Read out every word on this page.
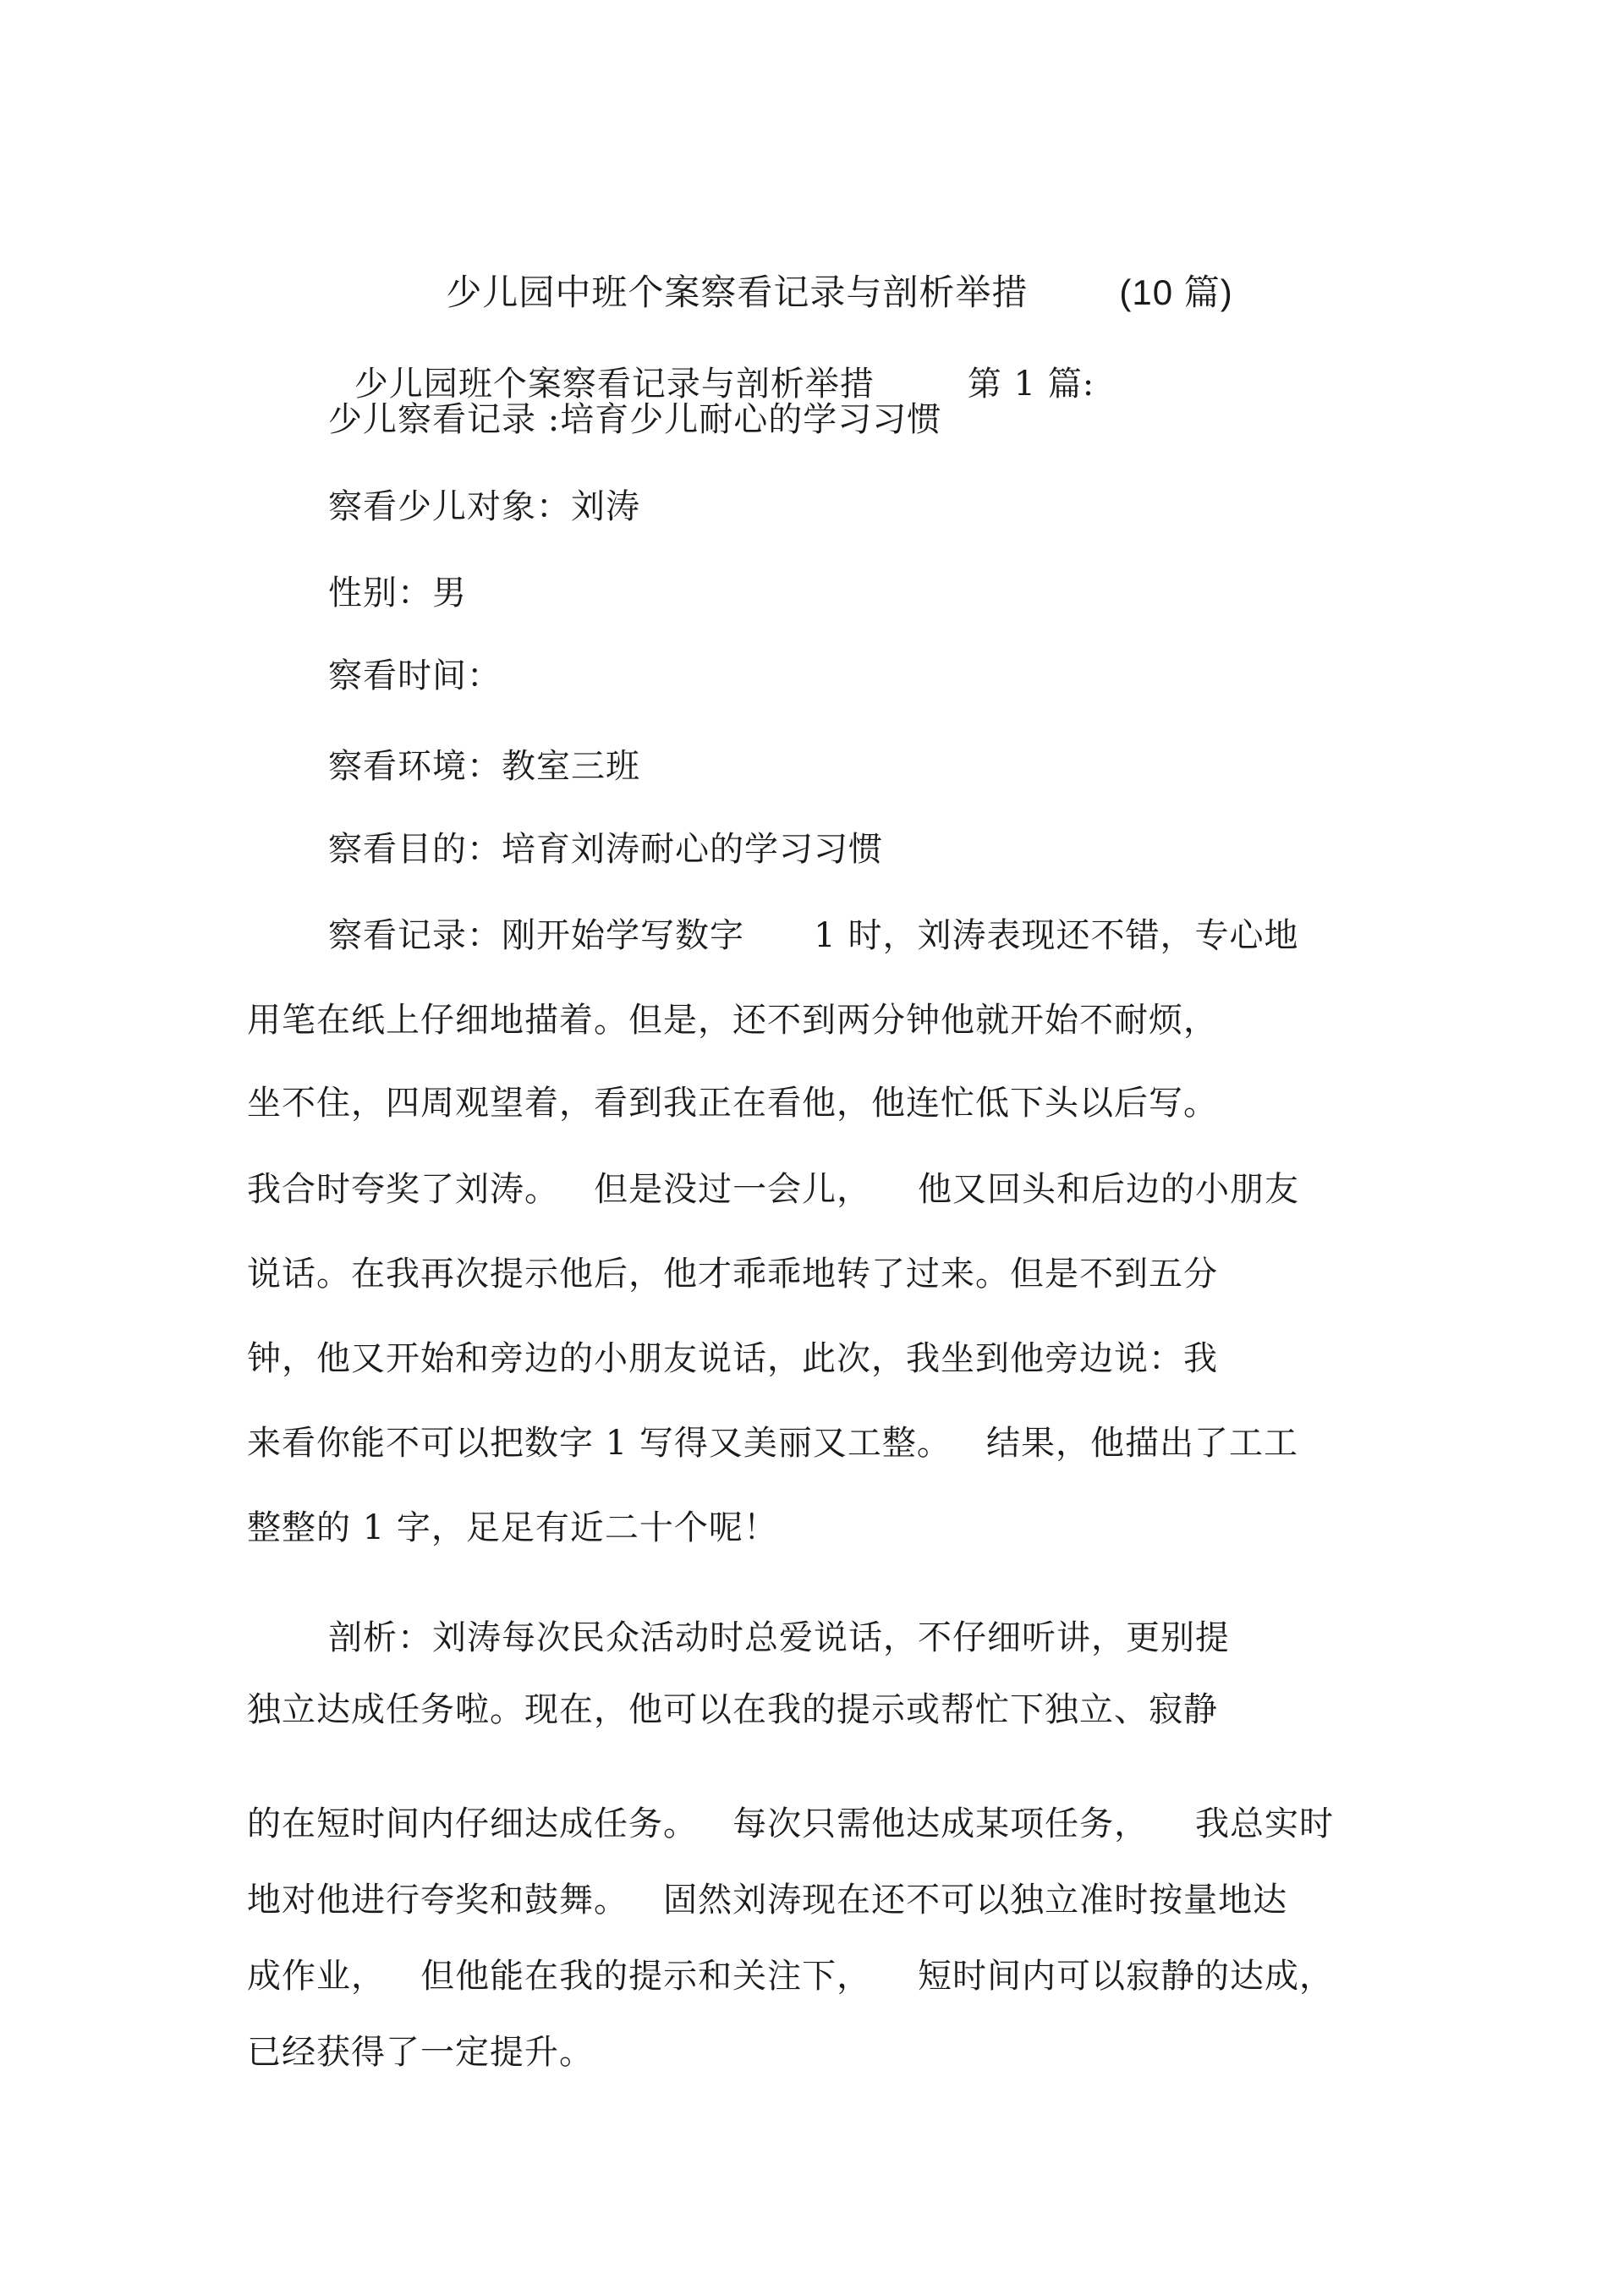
少儿园中班个案察看记录与剖析举措	(10 篇)

少儿园班个案察看记录与剖析举措	第 1 篇:

少儿察看记录 :培育少儿耐心的学习习惯
察看少儿对象：刘涛
性别：男
察看时间：
察看环境：教室三班
察看目的：培育刘涛耐心的学习习惯
察看记录：刚开始学写数字      1 时，刘涛表现还不错，专心地
用笔在纸上仔细地描着。但是，还不到两分钟他就开始不耐烦，
坐不住，四周观望着，看到我正在看他，他连忙低下头以后写。
我合时夸奖了刘涛。   但是没过一会儿，    他又回头和后边的小朋友
说话。在我再次提示他后，他才乖乖地转了过来。但是不到五分
钟，他又开始和旁边的小朋友说话，此次，我坐到他旁边说：我
来看你能不可以把数字 1 写得又美丽又工整。   结果，他描出了工工
整整的 1 字，足足有近二十个呢！
剖析：刘涛每次民众活动时总爱说话，不仔细听讲，更别提
独立达成任务啦。现在，他可以在我的提示或帮忙下独立、寂静
的在短时间内仔细达成任务。   每次只需他达成某项任务，    我总实时
地对他进行夸奖和鼓舞。   固然刘涛现在还不可以独立准时按量地达
成作业，   但他能在我的提示和关注下，    短时间内可以寂静的达成，
已经获得了一定提升。
